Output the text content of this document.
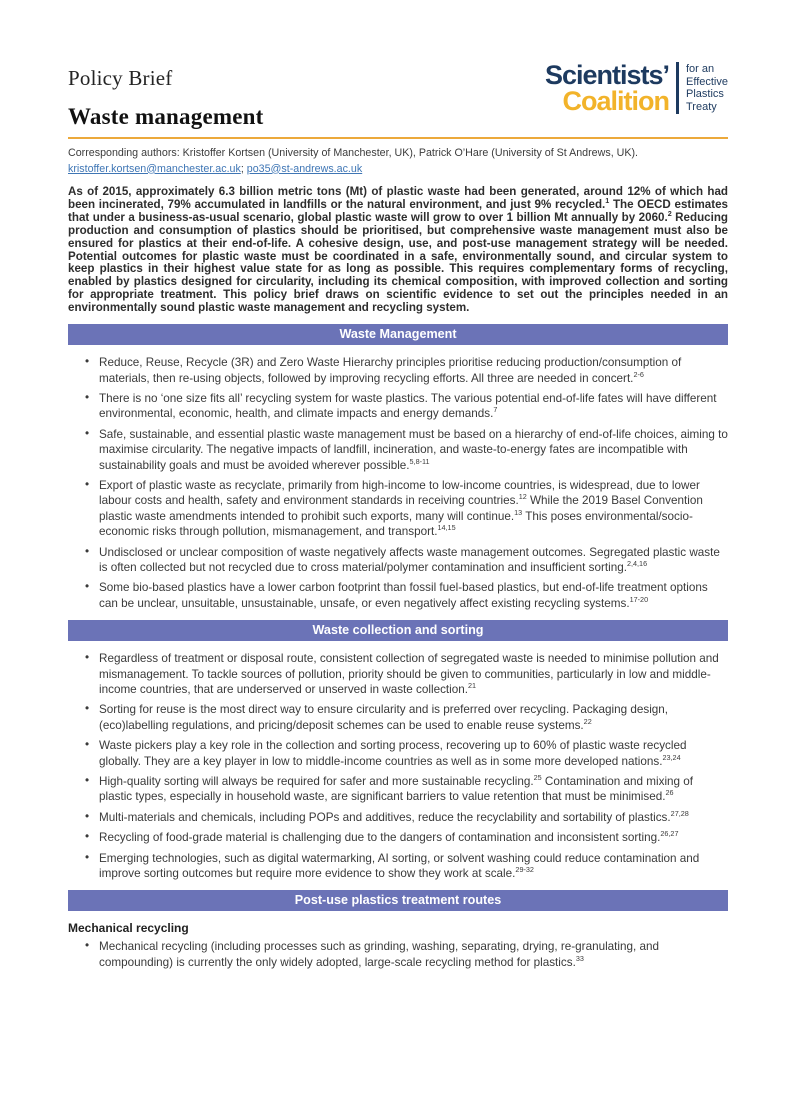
Policy Brief
Waste management
Scientists’
Coalition
for an
Effective
Plastics
Treaty
Corresponding authors: Kristoffer Kortsen (University of Manchester, UK), Patrick O’Hare (University of St Andrews, UK).
kristoffer.kortsen@manchester.ac.uk; po35@st-andrews.ac.uk

As of 2015, approximately 6.3 billion metric tons (Mt) of plastic waste had been generated, around 12% of which had been incinerated, 79% accumulated in landfills or the natural environment, and just 9% recycled.$^1$ The OECD estimates that under a business-as-usual scenario, global plastic waste will grow to over 1 billion Mt annually by 2060.$^2$ Reducing production and consumption of plastics should be prioritised, but comprehensive waste management must also be ensured for plastics at their end-of-life. A cohesive design, use, and post-use management strategy will be needed. Potential outcomes for plastic waste must be coordinated in a safe, environmentally sound, and circular system to keep plastics in their highest value state for as long as possible. This requires complementary forms of recycling, enabled by plastics designed for circularity, including its chemical composition, with improved collection and sorting for appropriate treatment. This policy brief draws on scientific evidence to set out the principles needed in an environmentally sound plastic waste management and recycling system.

Waste Management
• Reduce, Reuse, Recycle (3R) and Zero Waste Hierarchy principles prioritise reducing production/consumption of materials, then re-using objects, followed by improving recycling efforts. All three are needed in concert.$^{2-6}$
• There is no ‘one size fits all’ recycling system for waste plastics. The various potential end-of-life fates will have different environmental, economic, health, and climate impacts and energy demands.$^7$
• Safe, sustainable, and essential plastic waste management must be based on a hierarchy of end-of-life choices, aiming to maximise circularity. The negative impacts of landfill, incineration, and waste-to-energy fates are incompatible with sustainability goals and must be avoided wherever possible.$^{5,8-11}$
• Export of plastic waste as recyclate, primarily from high-income to low-income countries, is widespread, due to lower labour costs and health, safety and environment standards in receiving countries.$^{12}$ While the 2019 Basel Convention plastic waste amendments intended to prohibit such exports, many will continue.$^{13}$ This poses environmental/socio-economic risks through pollution, mismanagement, and transport.$^{14,15}$
• Undisclosed or unclear composition of waste negatively affects waste management outcomes. Segregated plastic waste is often collected but not recycled due to cross material/polymer contamination and insufficient sorting.$^{2,4,16}$
• Some bio-based plastics have a lower carbon footprint than fossil fuel-based plastics, but end-of-life treatment options can be unclear, unsuitable, unsustainable, unsafe, or even negatively affect existing recycling systems.$^{17-20}$
Waste collection and sorting
• Regardless of treatment or disposal route, consistent collection of segregated waste is needed to minimise pollution and mismanagement. To tackle sources of pollution, priority should be given to communities, particularly in low and middle-income countries, that are underserved or unserved in waste collection.$^{21}$
• Sorting for reuse is the most direct way to ensure circularity and is preferred over recycling. Packaging design, (eco)labelling regulations, and pricing/deposit schemes can be used to enable reuse systems.$^{22}$
• Waste pickers play a key role in the collection and sorting process, recovering up to 60% of plastic waste recycled globally. They are a key player in low to middle-income countries as well as in some more developed nations.$^{23,24}$
• High-quality sorting will always be required for safer and more sustainable recycling.$^{25}$ Contamination and mixing of plastic types, especially in household waste, are significant barriers to value retention that must be minimised.$^{26}$
• Multi-materials and chemicals, including POPs and additives, reduce the recyclability and sortability of plastics.$^{27,28}$
• Recycling of food-grade material is challenging due to the dangers of contamination and inconsistent sorting.$^{26,27}$
• Emerging technologies, such as digital watermarking, AI sorting, or solvent washing could reduce contamination and improve sorting outcomes but require more evidence to show they work at scale.$^{29-32}$
Post-use plastics treatment routes
Mechanical recycling
• Mechanical recycling (including processes such as grinding, washing, separating, drying, re-granulating, and compounding) is currently the only widely adopted, large-scale recycling method for plastics.$^{33}$
